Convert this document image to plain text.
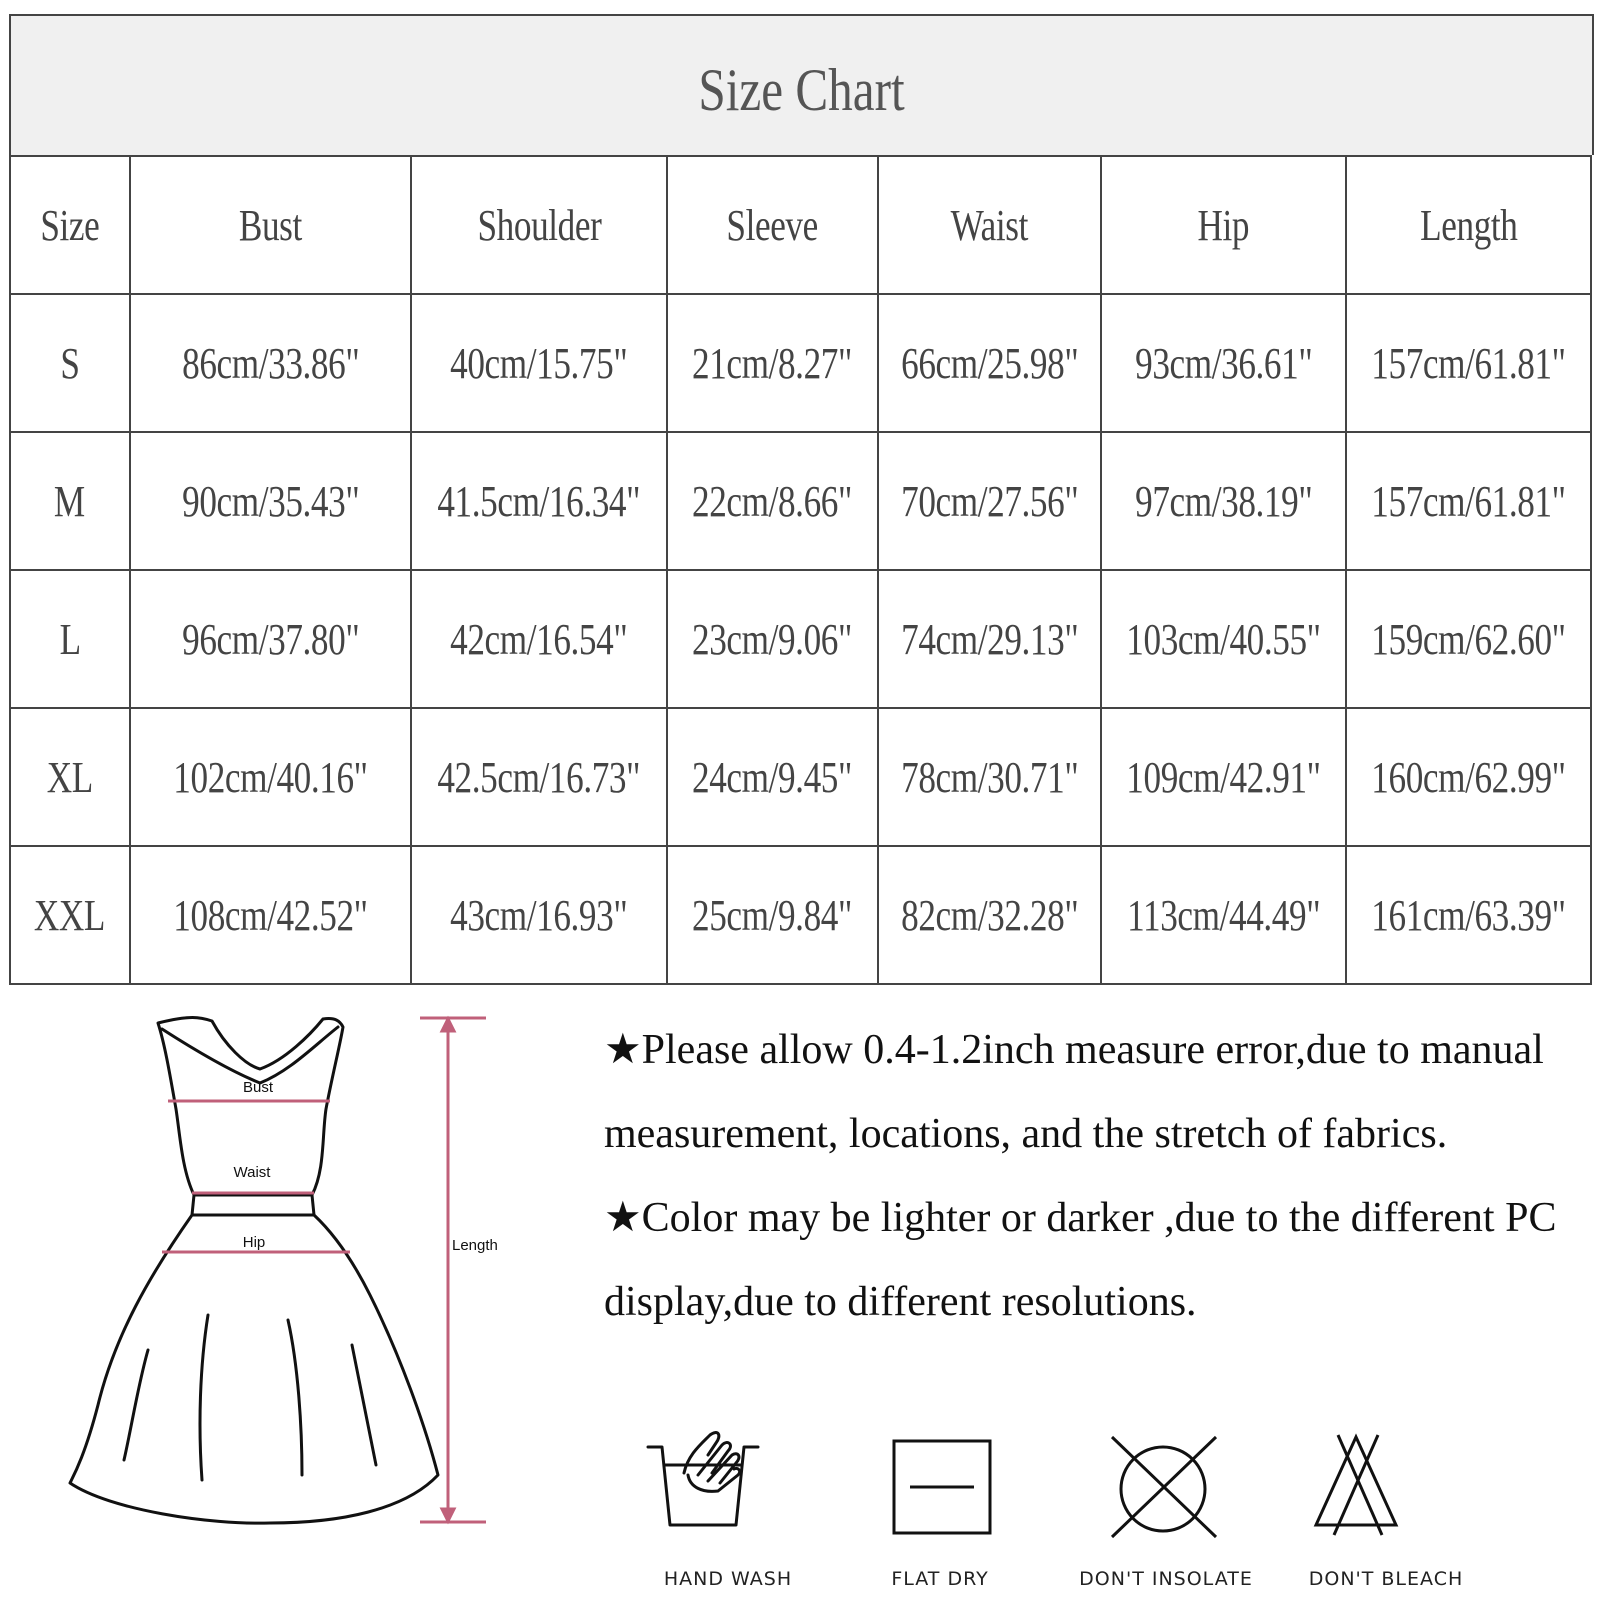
Size Chart
Size	Bust	Shoulder	Sleeve	Waist	Hip	Length
S	86cm/33.86"	40cm/15.75"	21cm/8.27"	66cm/25.98"	93cm/36.61"	157cm/61.81"
M	90cm/35.43"	41.5cm/16.34"	22cm/8.66"	70cm/27.56"	97cm/38.19"	157cm/61.81"
L	96cm/37.80"	42cm/16.54"	23cm/9.06"	74cm/29.13"	103cm/40.55"	159cm/62.60"
XL	102cm/40.16"	42.5cm/16.73"	24cm/9.45"	78cm/30.71"	109cm/42.91"	160cm/62.99"
XXL	108cm/42.52"	43cm/16.93"	25cm/9.84"	82cm/32.28"	113cm/44.49"	161cm/63.39"
Bust
Waist
Hip	Length

★Please allow 0.4-1.2inch measure error,due to manual measurement, locations, and the stretch of fabrics.

★Color may be lighter or darker ,due to the different PC display,due to different resolutions.

HAND WASH	FLAT DRY	DON'T INSOLATE	DON'T BLEACH
